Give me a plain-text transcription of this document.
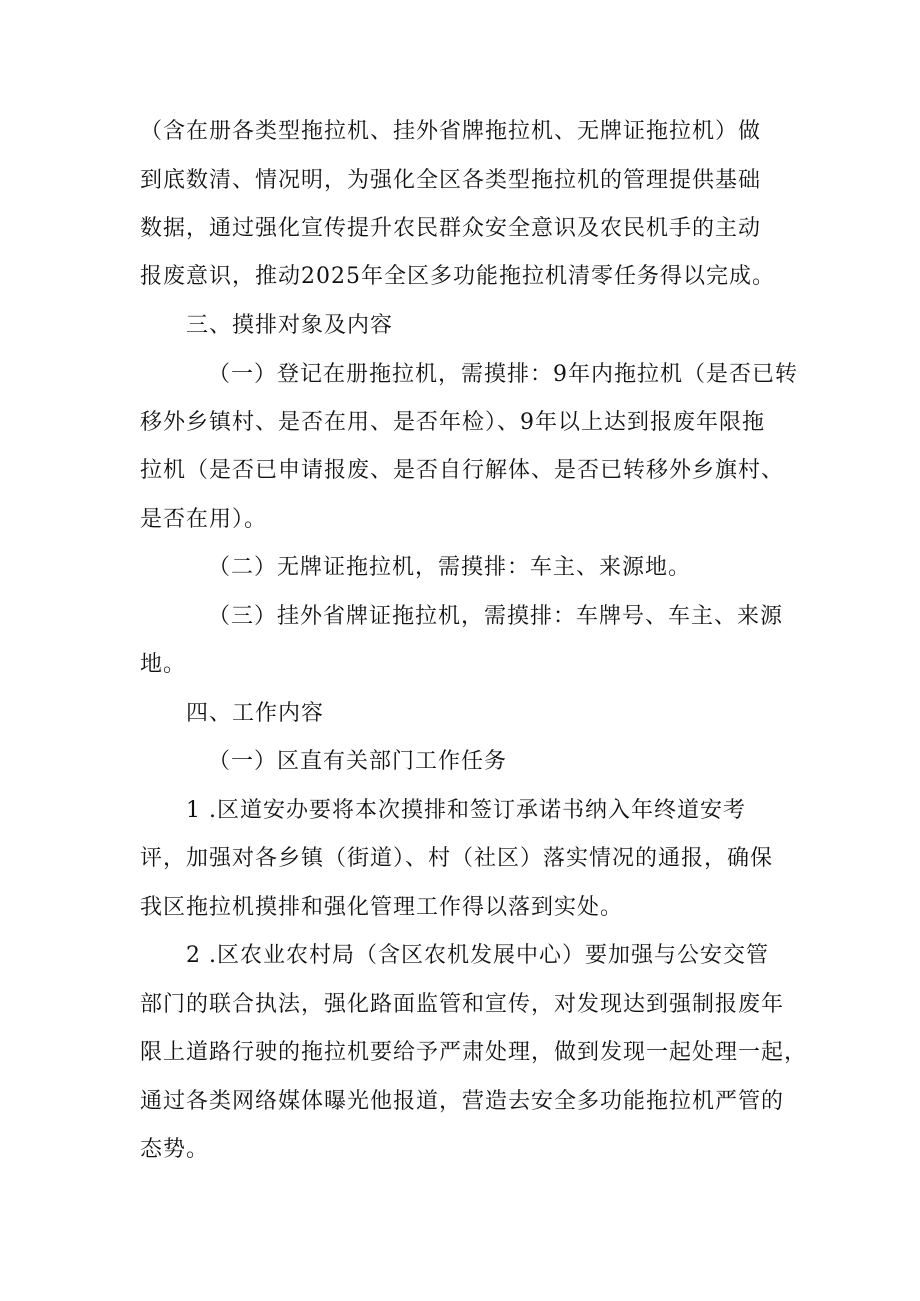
（含在册各类型拖拉机、挂外省牌拖拉机、无牌证拖拉机）做
到底数清、情况明，为强化全区各类型拖拉机的管理提供基础
数据，通过强化宣传提升农民群众安全意识及农民机手的主动
报废意识，推动2025年全区多功能拖拉机清零任务得以完成。
三、摸排对象及内容
（一）登记在册拖拉机，需摸排：9年内拖拉机（是否已转
移外乡镇村、是否在用、是否年检）、9年以上达到报废年限拖
拉机（是否已申请报废、是否自行解体、是否已转移外乡旗村、
是否在用）。
（二）无牌证拖拉机，需摸排：车主、来源地。
（三）挂外省牌证拖拉机，需摸排：车牌号、车主、来源
地。
四、工作内容
（一）区直有关部门工作任务
1 .区道安办要将本次摸排和签订承诺书纳入年终道安考
评，加强对各乡镇（街道）、村（社区）落实情况的通报，确保
我区拖拉机摸排和强化管理工作得以落到实处。
2 .区农业农村局（含区农机发展中心）要加强与公安交管
部门的联合执法，强化路面监管和宣传，对发现达到强制报废年
限上道路行驶的拖拉机要给予严肃处理，做到发现一起处理一起，
通过各类网络媒体曝光他报道，营造去安全多功能拖拉机严管的
态势。
